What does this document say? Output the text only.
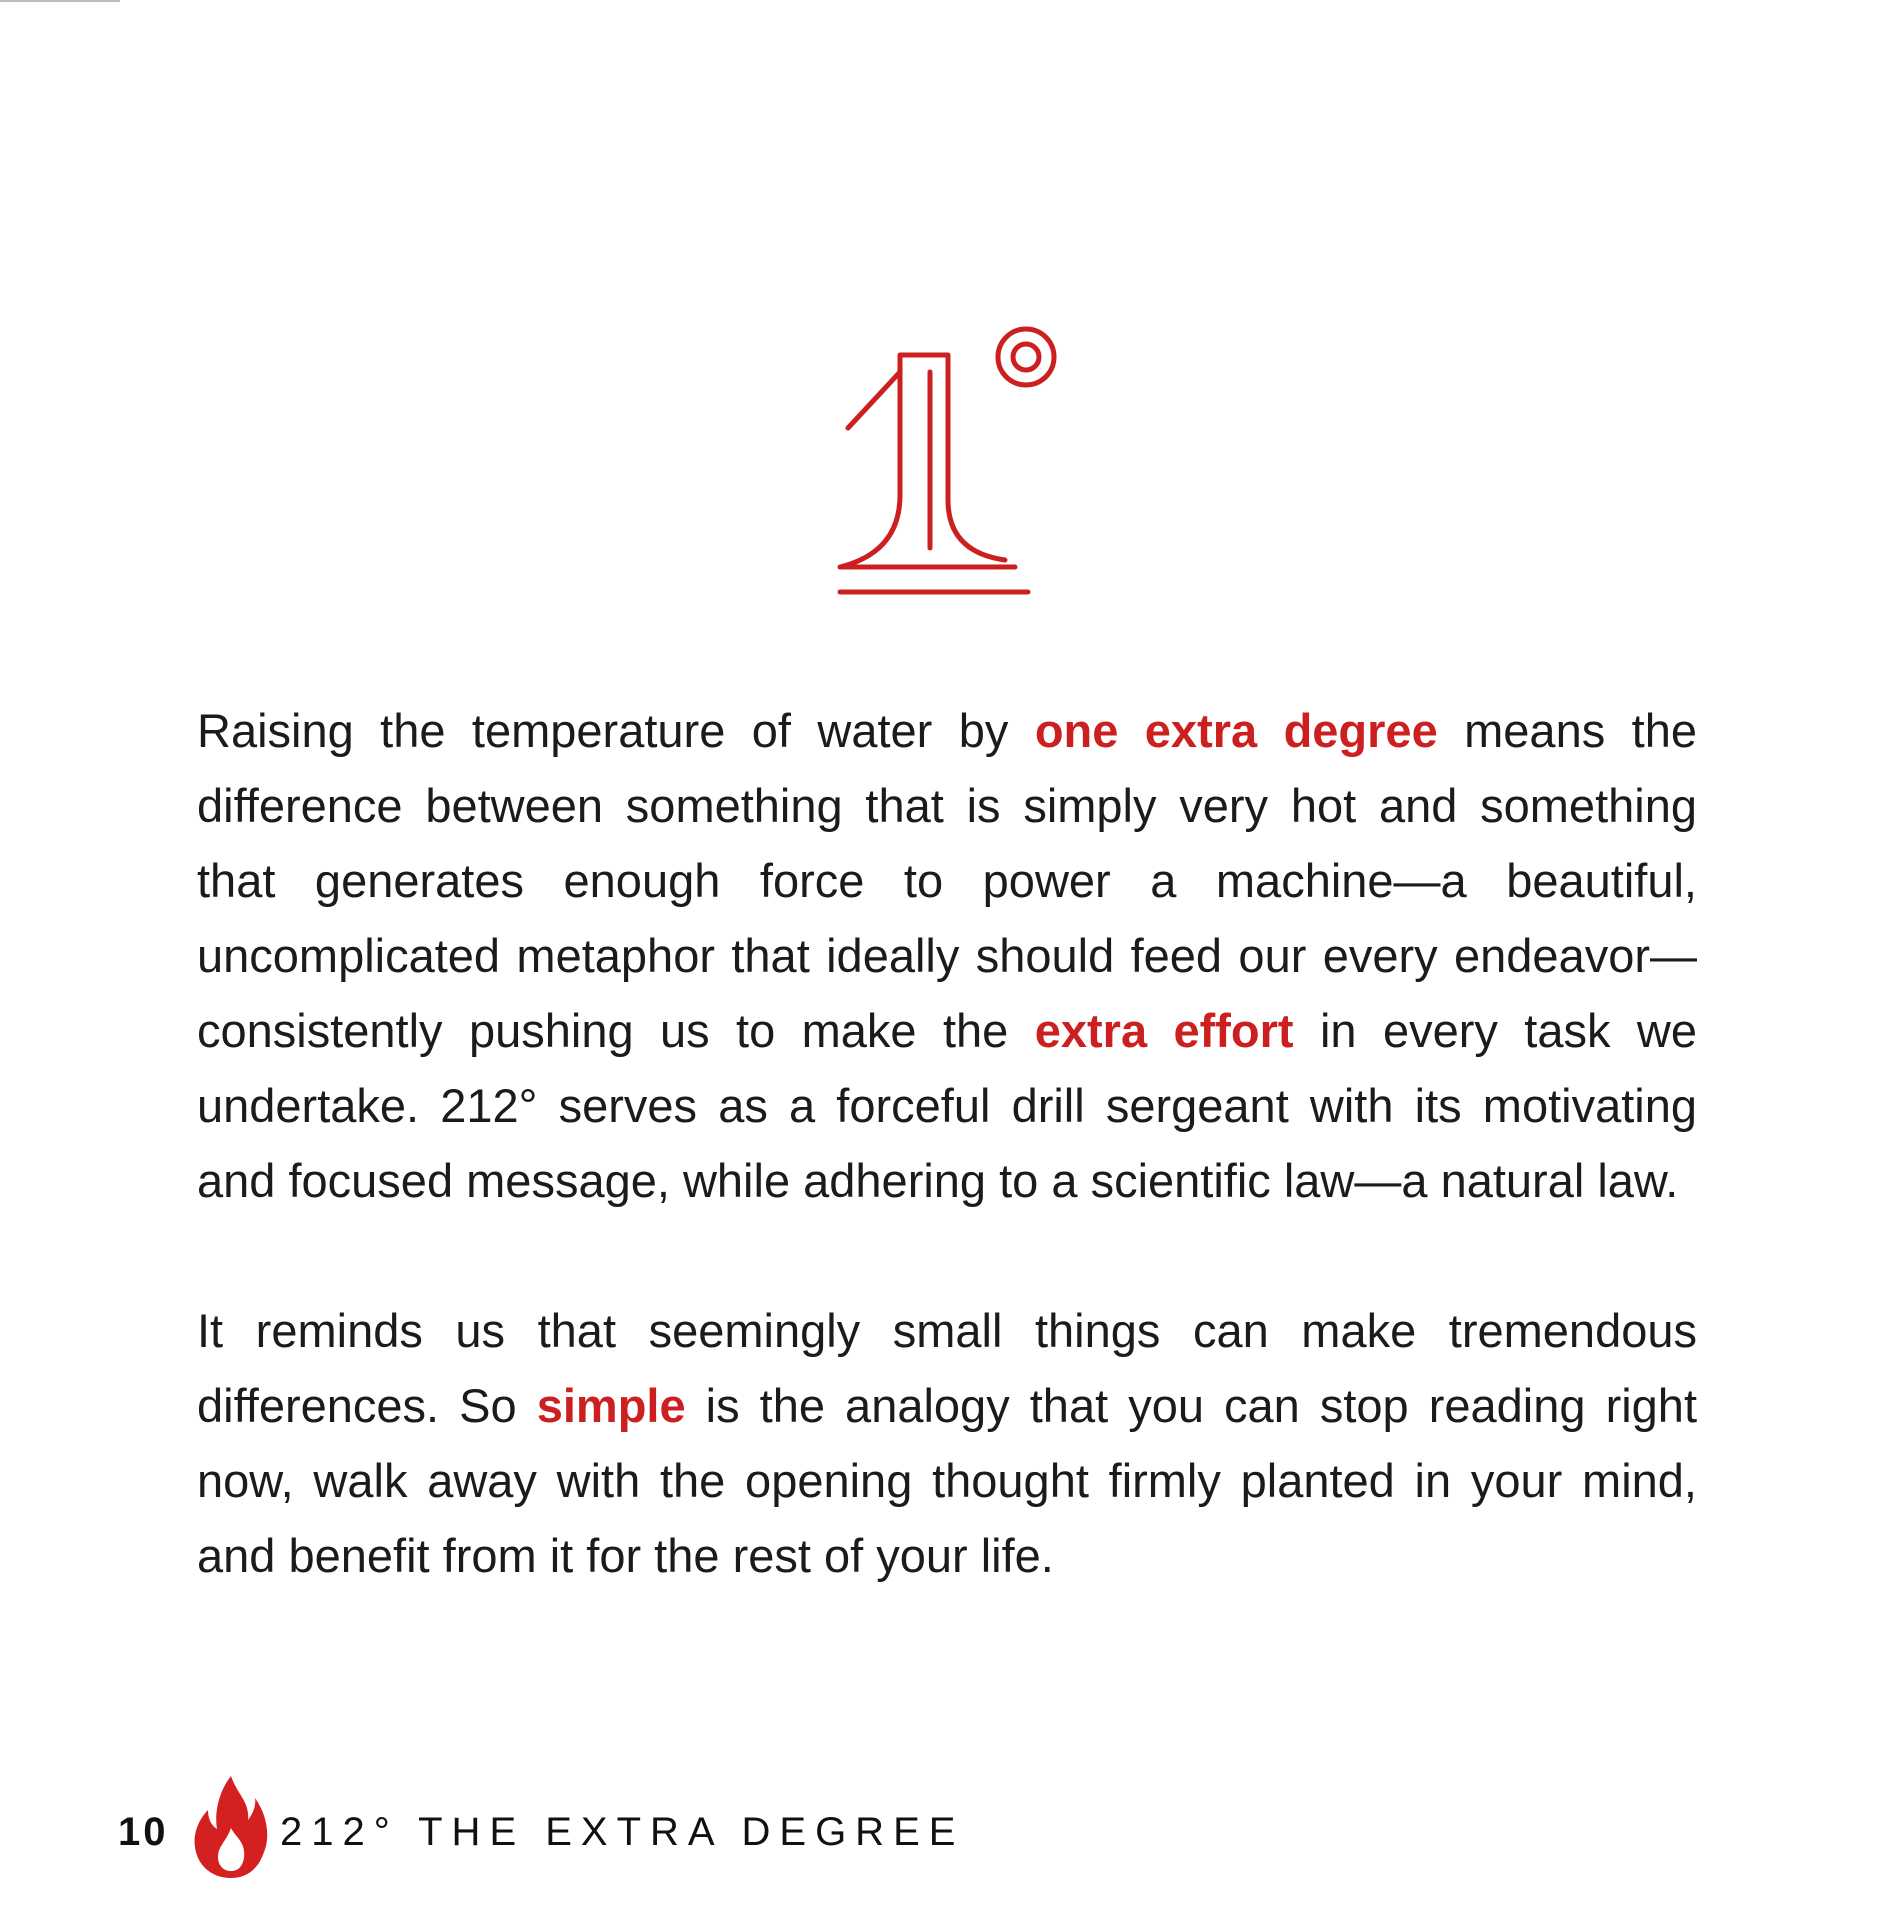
Raising the temperature of water by one extra degree means the difference between something that is simply very hot and something that generates enough force to power a machine—a beautiful, uncomplicated metaphor that ideally should feed our every endeavor—consistently pushing us to make the extra effort in every task we undertake. 212° serves as a forceful drill sergeant with its motivating and focused message, while adhering to a scientific law—a natural law.

It reminds us that seemingly small things can make tremendous differences. So simple is the analogy that you can stop reading right now, walk away with the opening thought firmly planted in your mind, and benefit from it for the rest of your life.

10	212° THE EXTRA DEGREE
